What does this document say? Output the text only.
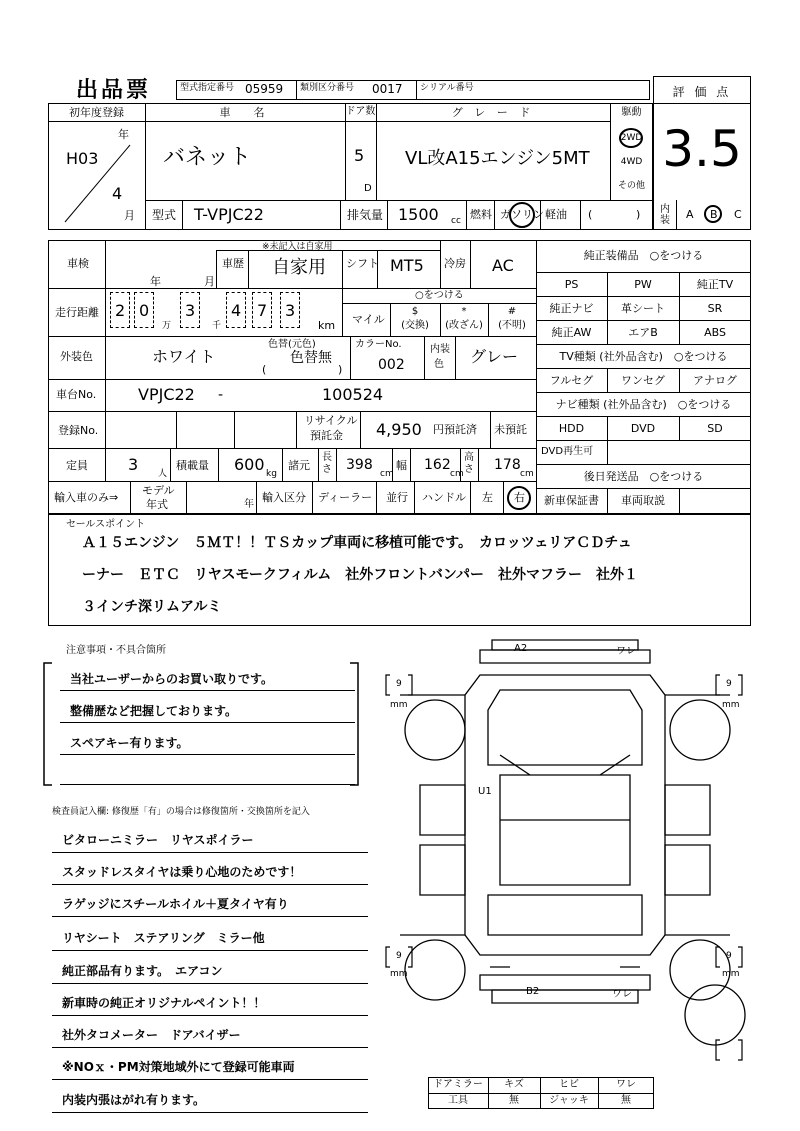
出品票	型式指定番号 05959 類別区分番号 0017 シリアル番号	評 価 点
3.5
初年度登録
年
H03
4
月
車　名
バネット
ドア数
5
D
グ レ ー ド
VL改A15エンジン5MT
駆動
2WD
4WD
その他
型式 T-VPJC22	排気量 1500 cc 燃料 ガソリン 軽油 (	) 内装 A B C
車検
年	月
※未記入は自家用
車歴 自家用 シフト MT5 冷房 AC
走行距離 2 0
万
3
千
4 7 3
km
○をつける
マイル
$
(交換)
*
(改ざん)
#
(不明)
外装色	ホワイト
色替(元色)
色替無
(	)
カラーNo.
002
内装
色 グレー
車台No.	VPJC22 -	100524
登録No.
リサイクル
預託金 4,950 円預託済 未預託
定員	3 人
積載量 600 kg
諸元
長さ 398
cm
幅 162
cm
高さ 178
cm
輸入車のみ⇒
モデル
年式	年
輸入区分 ディーラー 並行 ハンドル 左 右
純正装備品　○をつける
PS	PW	純正TV
純正ナビ	革シート	SR
純正AW	エアB	ABS
TV種類 (社外品含む)　○をつける
フルセグ	ワンセグ	アナログ
ナビ種類 (社外品含む)　○をつける
HDD	DVD	SD
DVD再生可
後日発送品　○をつける
新車保証書	車両取説
セールスポイント
Ａ１５エンジン　５ＭＴ！！ＴＳカップ車両に移植可能です。　カロッツェリアＣＤチュ
ーナー　ＥＴＣ　リヤスモークフィルム　社外フロントバンパー　社外マフラー　社外１
３インチ深リムアルミ
注意事項・不具合箇所
当社ユーザーからのお買い取りです。
整備歴など把握しております。
スペアキー有ります。
検査員記入欄: 修復歴「有」の場合は修復箇所・交換箇所を記入
ビタローニミラー　リヤスポイラー
スタッドレスタイヤは乗り心地のためです！
ラゲッジにスチールホイル＋夏タイヤ有り
リヤシート　ステアリング　ミラー他
純正部品有ります。　エアコン
新車時の純正オリジナルペイント！！
社外タコメーター　ドアバイザー
※NOｘ・PM対策地域外にて登録可能車両
内装内張はがれ有ります。
A2	ワレ
U1
B2	ワレ
9
mm
9
mm
9
mm
9
mm
ドアミラー	キズ	ヒビ	ワレ
工具	無	ジャッキ	無
